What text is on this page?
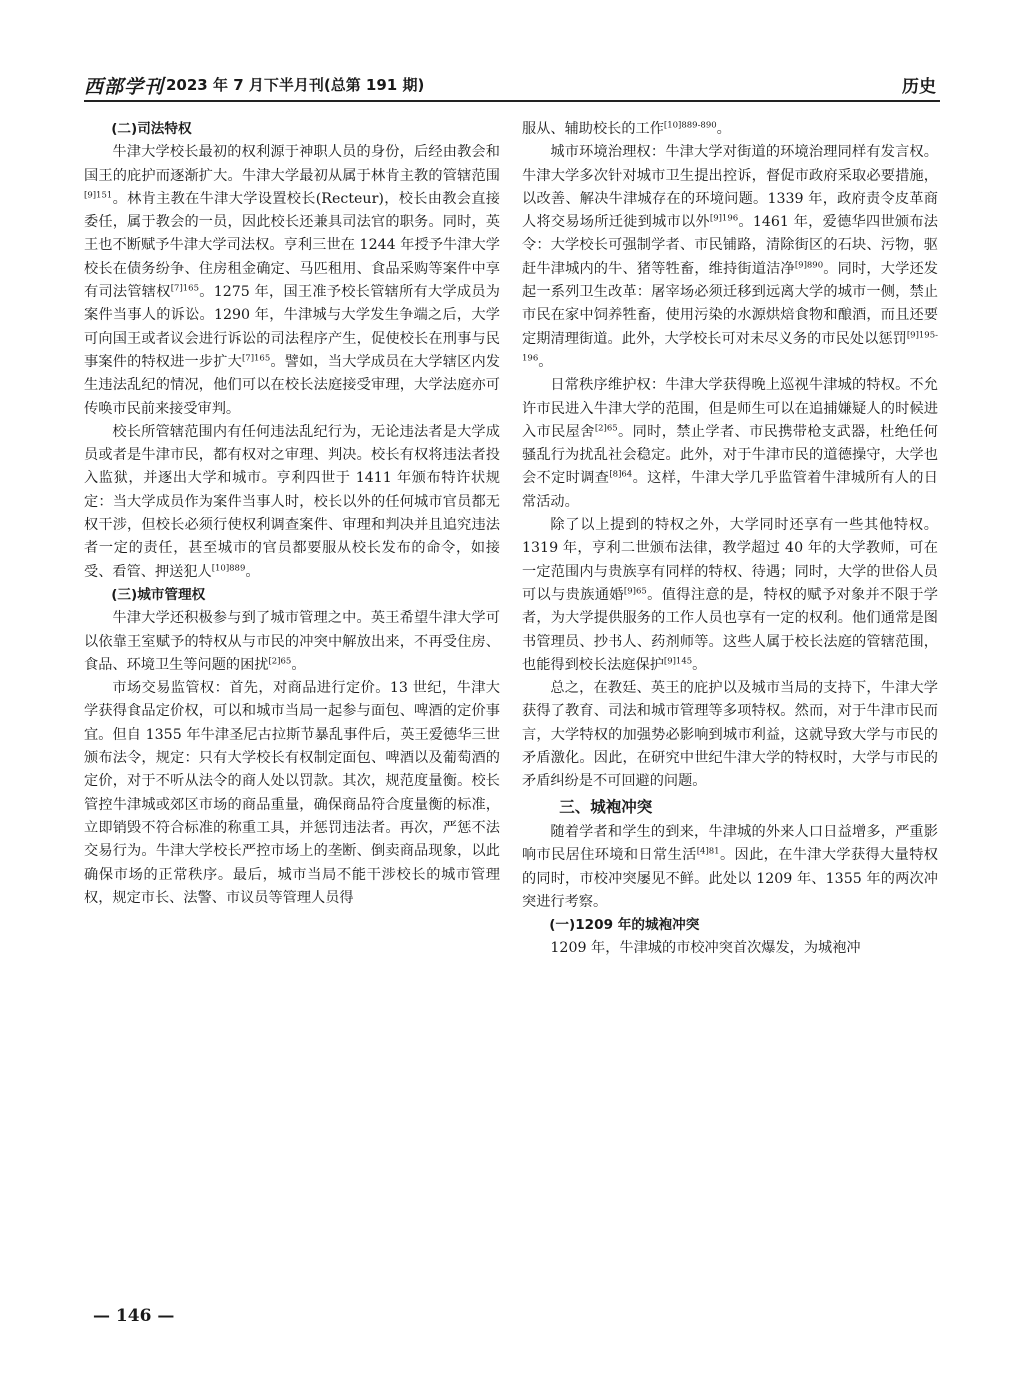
西部学刊 2023 年 7 月下半月刊(总第 191 期)	历史

(二)司法特权

牛津大学校长最初的权利源于神职人员的身份，后经由教会和国王的庇护而逐渐扩大。牛津大学最初从属于林肯主教的管辖范围$^{[9]151}$。林肯主教在牛津大学设置校长(Recteur)，校长由教会直接委任，属于教会的一员，因此校长还兼具司法官的职务。同时，英王也不断赋予牛津大学司法权。亨利三世在 1244 年授予牛津大学校长在债务纷争、住房租金确定、马匹租用、食品采购等案件中享有司法管辖权$^{[7]165}$。1275 年，国王准予校长管辖所有大学成员为案件当事人的诉讼。1290 年，牛津城与大学发生争端之后，大学可向国王或者议会进行诉讼的司法程序产生，促使校长在刑事与民事案件的特权进一步扩大$^{[7]165}$。譬如，当大学成员在大学辖区内发生违法乱纪的情况，他们可以在校长法庭接受审理，大学法庭亦可传唤市民前来接受审判。

校长所管辖范围内有任何违法乱纪行为，无论违法者是大学成员或者是牛津市民，都有权对之审理、判决。校长有权将违法者投入监狱，并逐出大学和城市。亨利四世于 1411 年颁布特许状规定：当大学成员作为案件当事人时，校长以外的任何城市官员都无权干涉，但校长必须行使权利调查案件、审理和判决并且追究违法者一定的责任，甚至城市的官员都要服从校长发布的命令，如接受、看管、押送犯人$^{[10]889}$。

(三)城市管理权

牛津大学还积极参与到了城市管理之中。英王希望牛津大学可以依靠王室赋予的特权从与市民的冲突中解放出来，不再受住房、食品、环境卫生等问题的困扰$^{[2]65}$。

市场交易监管权：首先，对商品进行定价。13 世纪，牛津大学获得食品定价权，可以和城市当局一起参与面包、啤酒的定价事宜。但自 1355 年牛津圣尼古拉斯节暴乱事件后，英王爱德华三世颁布法令，规定：只有大学校长有权制定面包、啤酒以及葡萄酒的定价，对于不听从法令的商人处以罚款。其次，规范度量衡。校长管控牛津城或郊区市场的商品重量，确保商品符合度量衡的标准，立即销毁不符合标准的称重工具，并惩罚违法者。再次，严惩不法交易行为。牛津大学校长严控市场上的垄断、倒卖商品现象，以此确保市场的正常秩序。最后，城市当局不能干涉校长的城市管理权，规定市长、法警、市议员等管理人员得

服从、辅助校长的工作$^{[10]889-890}$。

城市环境治理权：牛津大学对街道的环境治理同样有发言权。牛津大学多次针对城市卫生提出控诉，督促市政府采取必要措施，以改善、解决牛津城存在的环境问题。1339 年，政府责令皮革商人将交易场所迁徙到城市以外$^{[9]196}$。1461 年，爱德华四世颁布法令：大学校长可强制学者、市民铺路，清除街区的石块、污物，驱赶牛津城内的牛、猪等牲畜，维持街道洁净$^{[9]890}$。同时，大学还发起一系列卫生改革：屠宰场必须迁移到远离大学的城市一侧，禁止市民在家中饲养牲畜，使用污染的水源烘焙食物和酿酒，而且还要定期清理街道。此外，大学校长可对未尽义务的市民处以惩罚$^{[9]195-196}$。

日常秩序维护权：牛津大学获得晚上巡视牛津城的特权。不允许市民进入牛津大学的范围，但是师生可以在追捕嫌疑人的时候进入市民屋舍$^{[2]65}$。同时，禁止学者、市民携带枪支武器，杜绝任何骚乱行为扰乱社会稳定。此外，对于牛津市民的道德操守，大学也会不定时调查$^{[8]64}$。这样，牛津大学几乎监管着牛津城所有人的日常活动。

除了以上提到的特权之外，大学同时还享有一些其他特权。1319 年，亨利二世颁布法律，教学超过 40 年的大学教师，可在一定范围内与贵族享有同样的特权、待遇；同时，大学的世俗人员可以与贵族通婚$^{[9]65}$。值得注意的是，特权的赋予对象并不限于学者，为大学提供服务的工作人员也享有一定的权利。他们通常是图书管理员、抄书人、药剂师等。这些人属于校长法庭的管辖范围，也能得到校长法庭保护$^{[9]145}$。

总之，在教廷、英王的庇护以及城市当局的支持下，牛津大学获得了教育、司法和城市管理等多项特权。然而，对于牛津市民而言，大学特权的加强势必影响到城市利益，这就导致大学与市民的矛盾激化。因此，在研究中世纪牛津大学的特权时，大学与市民的矛盾纠纷是不可回避的问题。

三、城袍冲突

随着学者和学生的到来，牛津城的外来人口日益增多，严重影响市民居住环境和日常生活$^{[4]81}$。因此，在牛津大学获得大量特权的同时，市校冲突屡见不鲜。此处以 1209 年、1355 年的两次冲突进行考察。

(一)1209 年的城袍冲突

1209 年，牛津城的市校冲突首次爆发，为城袍冲

— 146 —
